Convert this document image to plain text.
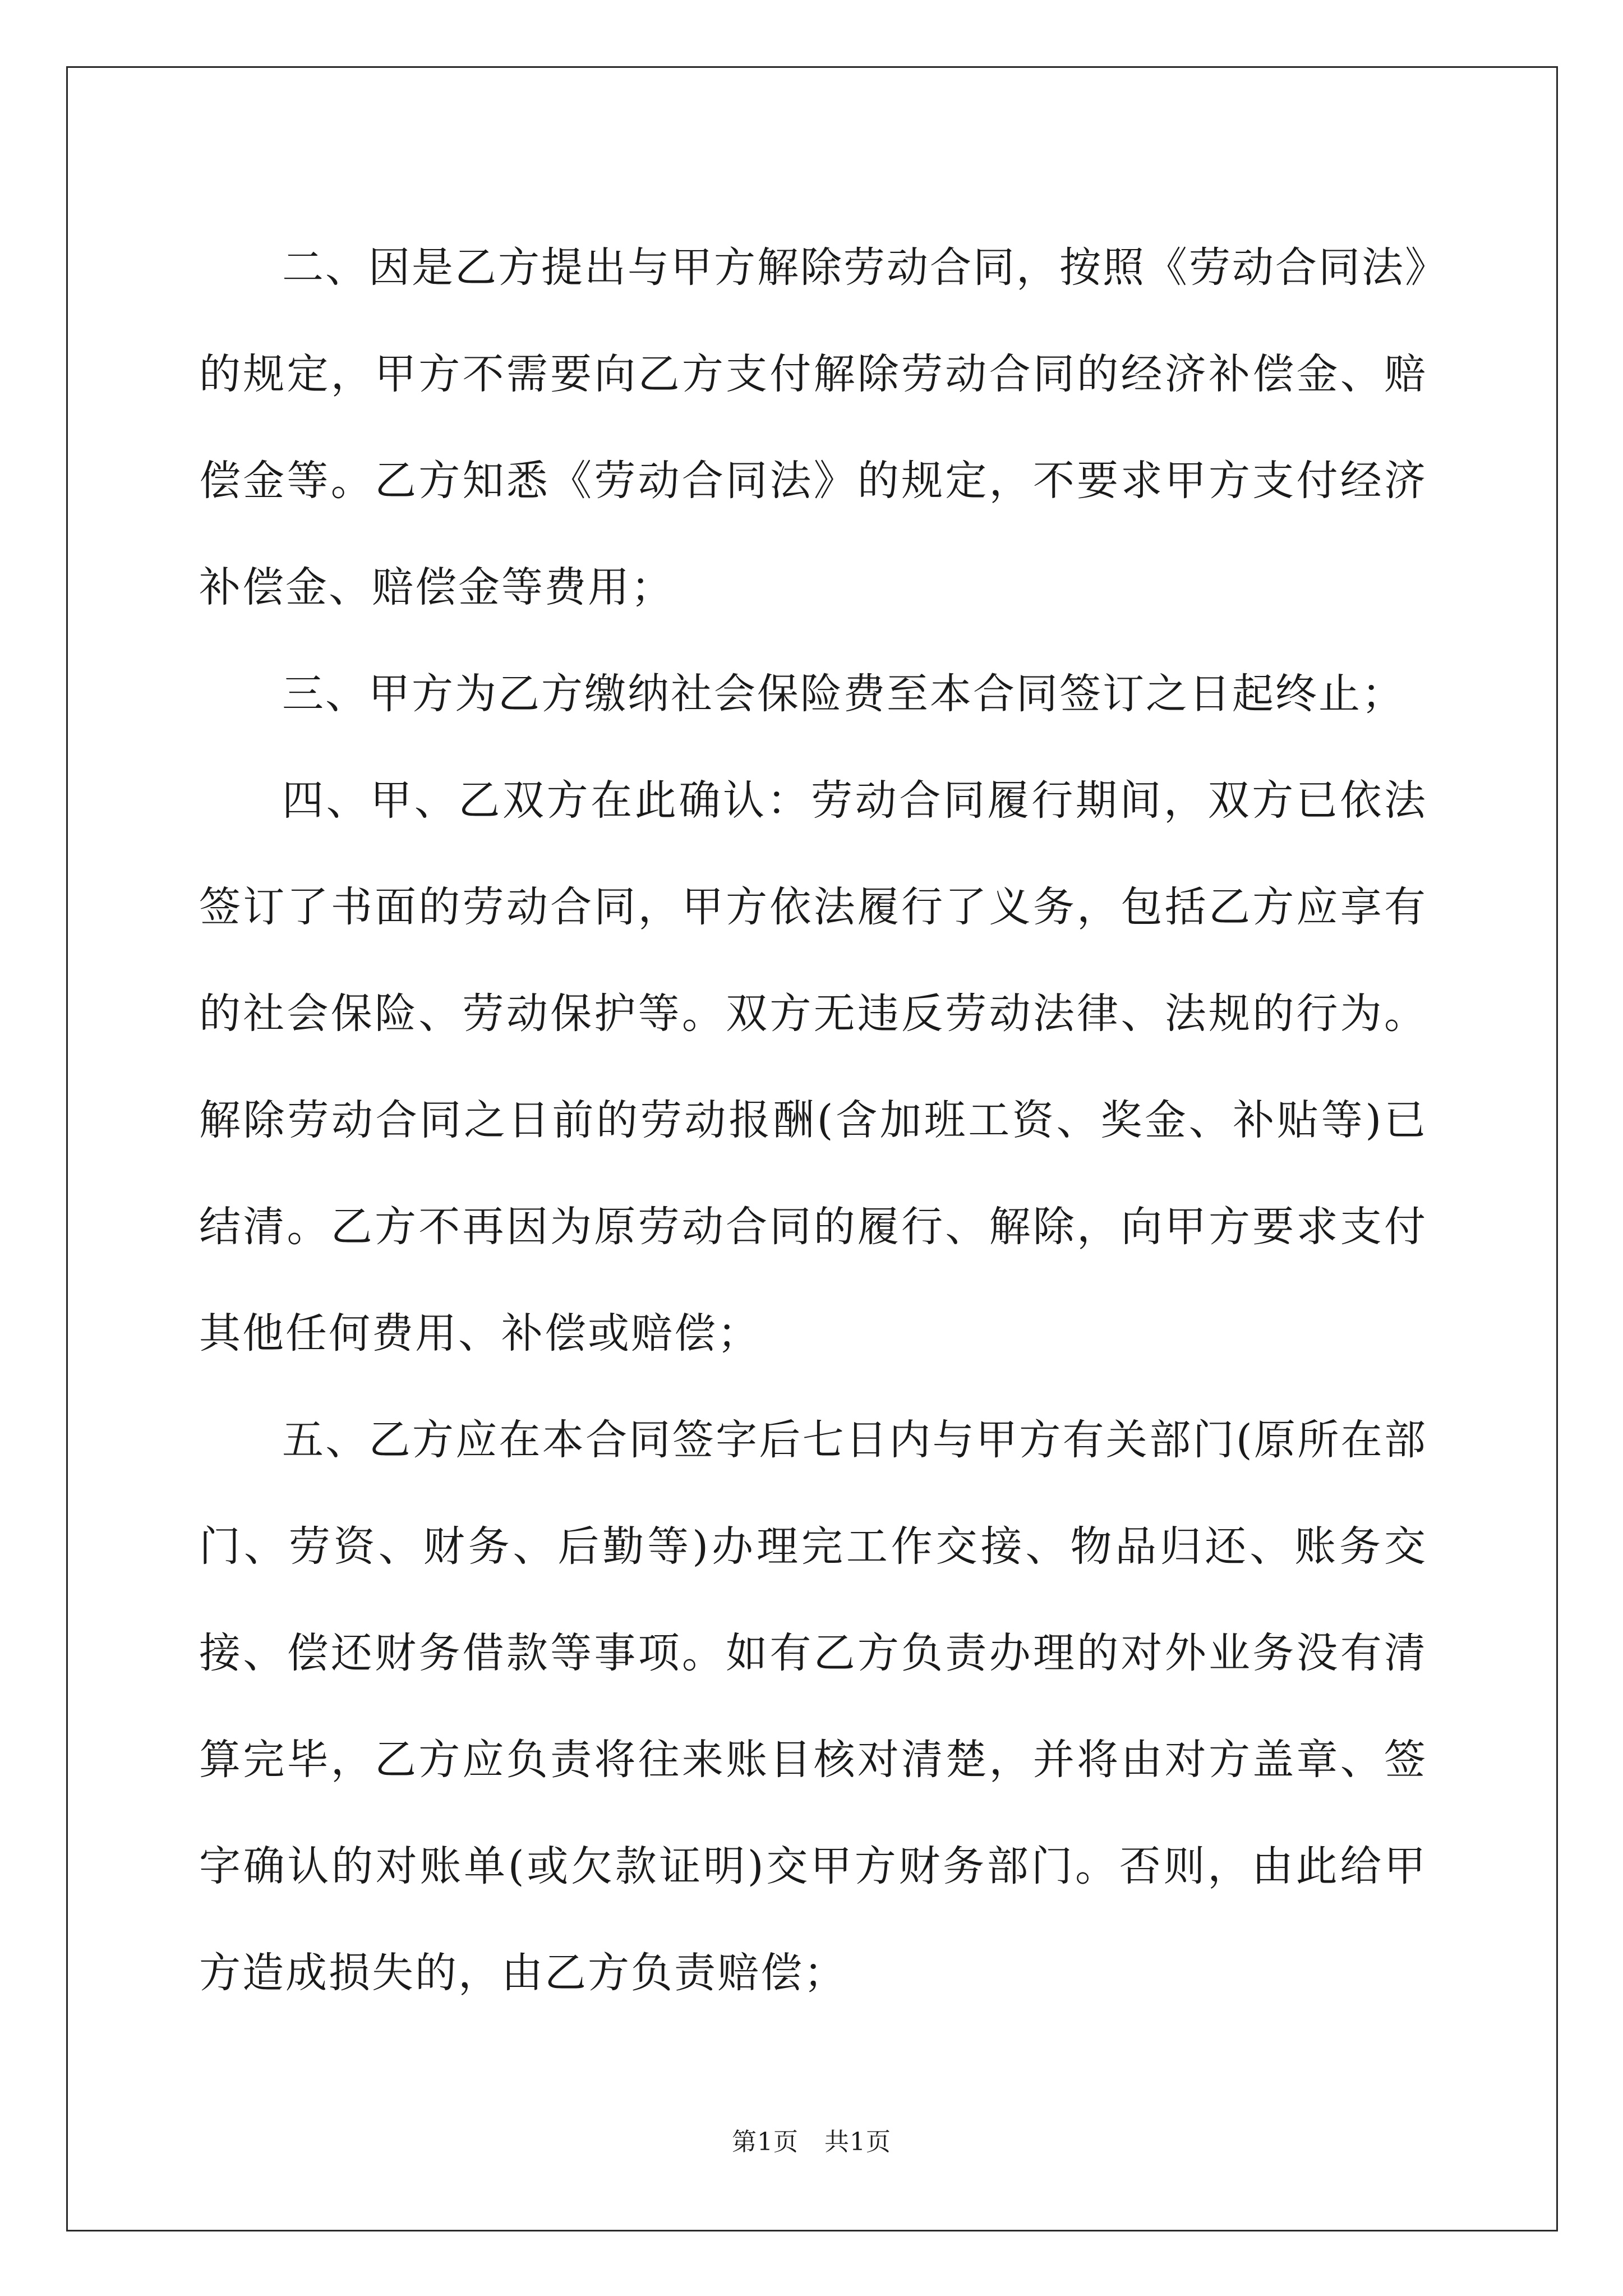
二、因是乙方提出与甲方解除劳动合同，按照《劳动合同法》的规定，甲方不需要向乙方支付解除劳动合同的经济补偿金、赔偿金等。乙方知悉《劳动合同法》的规定，不要求甲方支付经济补偿金、赔偿金等费用；

三、甲方为乙方缴纳社会保险费至本合同签订之日起终止；

四、甲、乙双方在此确认：劳动合同履行期间，双方已依法签订了书面的劳动合同，甲方依法履行了义务，包括乙方应享有的社会保险、劳动保护等。双方无违反劳动法律、法规的行为。解除劳动合同之日前的劳动报酬(含加班工资、奖金、补贴等)已结清。乙方不再因为原劳动合同的履行、解除，向甲方要求支付其他任何费用、补偿或赔偿；

五、乙方应在本合同签字后七日内与甲方有关部门(原所在部门、劳资、财务、后勤等)办理完工作交接、物品归还、账务交接、偿还财务借款等事项。如有乙方负责办理的对外业务没有清算完毕，乙方应负责将往来账目核对清楚，并将由对方盖章、签字确认的对账单(或欠款证明)交甲方财务部门。否则，由此给甲方造成损失的，由乙方负责赔偿；

第1页 共1页
